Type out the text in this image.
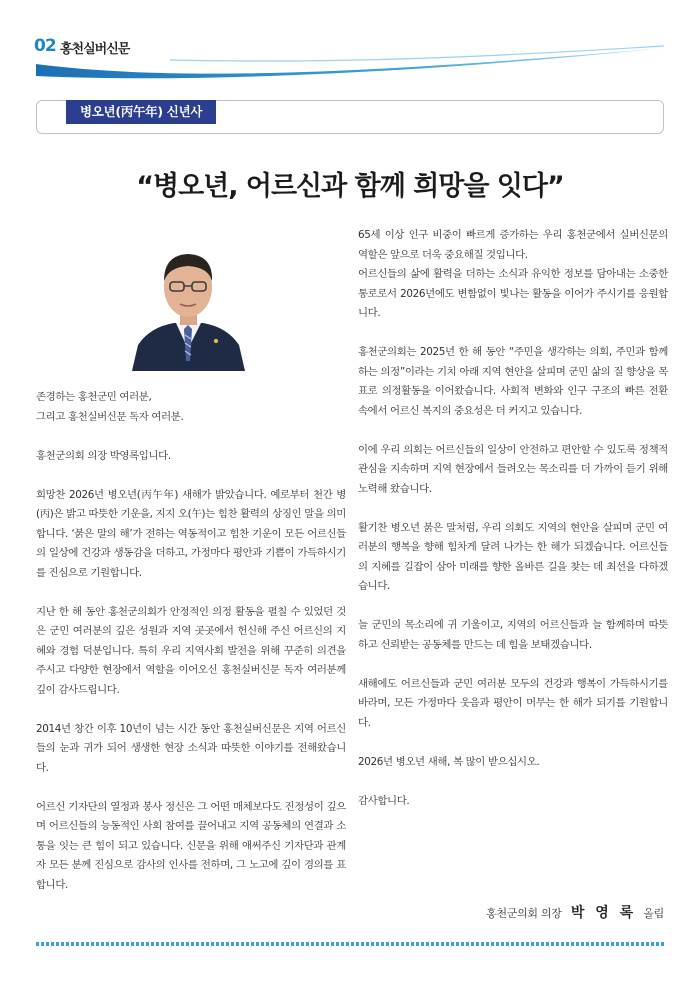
02 홍천실버신문
병오년(丙午年) 신년사
“병오년, 어르신과 함께 희망을 잇다”

존경하는 홍천군민 여러분,
그리고 홍천실버신문 독자 여러분.

홍천군의회 의장 박영록입니다.

희망찬 2026년 병오년(丙午年) 새해가 밝았습니다. 예로부터 천간 병(丙)은 밝고 따뜻한 기운을, 지지 오(午)는 힘찬 활력의 상징인 말을 의미합니다. ‘붉은 말의 해’가 전하는 역동적이고 힘찬 기운이 모든 어르신들의 일상에 건강과 생동감을 더하고, 가정마다 평안과 기쁨이 가득하시기를 진심으로 기원합니다.

지난 한 해 동안 홍천군의회가 안정적인 의정 활동을 펼칠 수 있었던 것은 군민 여러분의 깊은 성원과 지역 곳곳에서 헌신해 주신 어르신의 지혜와 경험 덕분입니다. 특히 우리 지역사회 발전을 위해 꾸준히 의견을 주시고 다양한 현장에서 역할을 이어오신 홍천실버신문 독자 여러분께 깊이 감사드립니다.

2014년 창간 이후 10년이 넘는 시간 동안 홍천실버신문은 지역 어르신들의 눈과 귀가 되어 생생한 현장 소식과 따뜻한 이야기를 전해왔습니다.

어르신 기자단의 열정과 봉사 정신은 그 어떤 매체보다도 진정성이 깊으며 어르신들의 능동적인 사회 참여를 끌어내고 지역 공동체의 연결과 소통을 잇는 큰 힘이 되고 있습니다. 신문을 위해 애써주신 기자단과 관계자 모든 분께 진심으로 감사의 인사를 전하며, 그 노고에 깊이 경의를 표합니다.

65세 이상 인구 비중이 빠르게 증가하는 우리 홍천군에서 실버신문의 역할은 앞으로 더욱 중요해질 것입니다.
어르신들의 삶에 활력을 더하는 소식과 유익한 정보를 담아내는 소중한 통로로서 2026년에도 변함없이 빛나는 활동을 이어가 주시기를 응원합니다.

홍천군의회는 2025년 한 해 동안 “주민을 생각하는 의회, 주민과 함께하는 의정”이라는 기치 아래 지역 현안을 살피며 군민 삶의 질 향상을 목표로 의정활동을 이어왔습니다. 사회적 변화와 인구 구조의 빠른 전환 속에서 어르신 복지의 중요성은 더 커지고 있습니다.

이에 우리 의회는 어르신들의 일상이 안전하고 편안할 수 있도록 정책적 관심을 지속하며 지역 현장에서 들려오는 목소리를 더 가까이 듣기 위해 노력해 왔습니다.

활기찬 병오년 붉은 말처럼, 우리 의회도 지역의 현안을 살피며 군민 여러분의 행복을 향해 힘차게 달려 나가는 한 해가 되겠습니다. 어르신들의 지혜를 길잡이 삼아 미래를 향한 올바른 길을 찾는 데 최선을 다하겠습니다.

늘 군민의 목소리에 귀 기울이고, 지역의 어르신들과 늘 함께하며 따뜻하고 신뢰받는 공동체를 만드는 데 힘을 보태겠습니다.

새해에도 어르신들과 군민 여러분 모두의 건강과 행복이 가득하시기를 바라며, 모든 가정마다 웃음과 평안이 머무는 한 해가 되기를 기원합니다.

2026년 병오년 새해, 복 많이 받으십시오.

감사합니다.

홍천군의회 의장 박 영 록 올림
